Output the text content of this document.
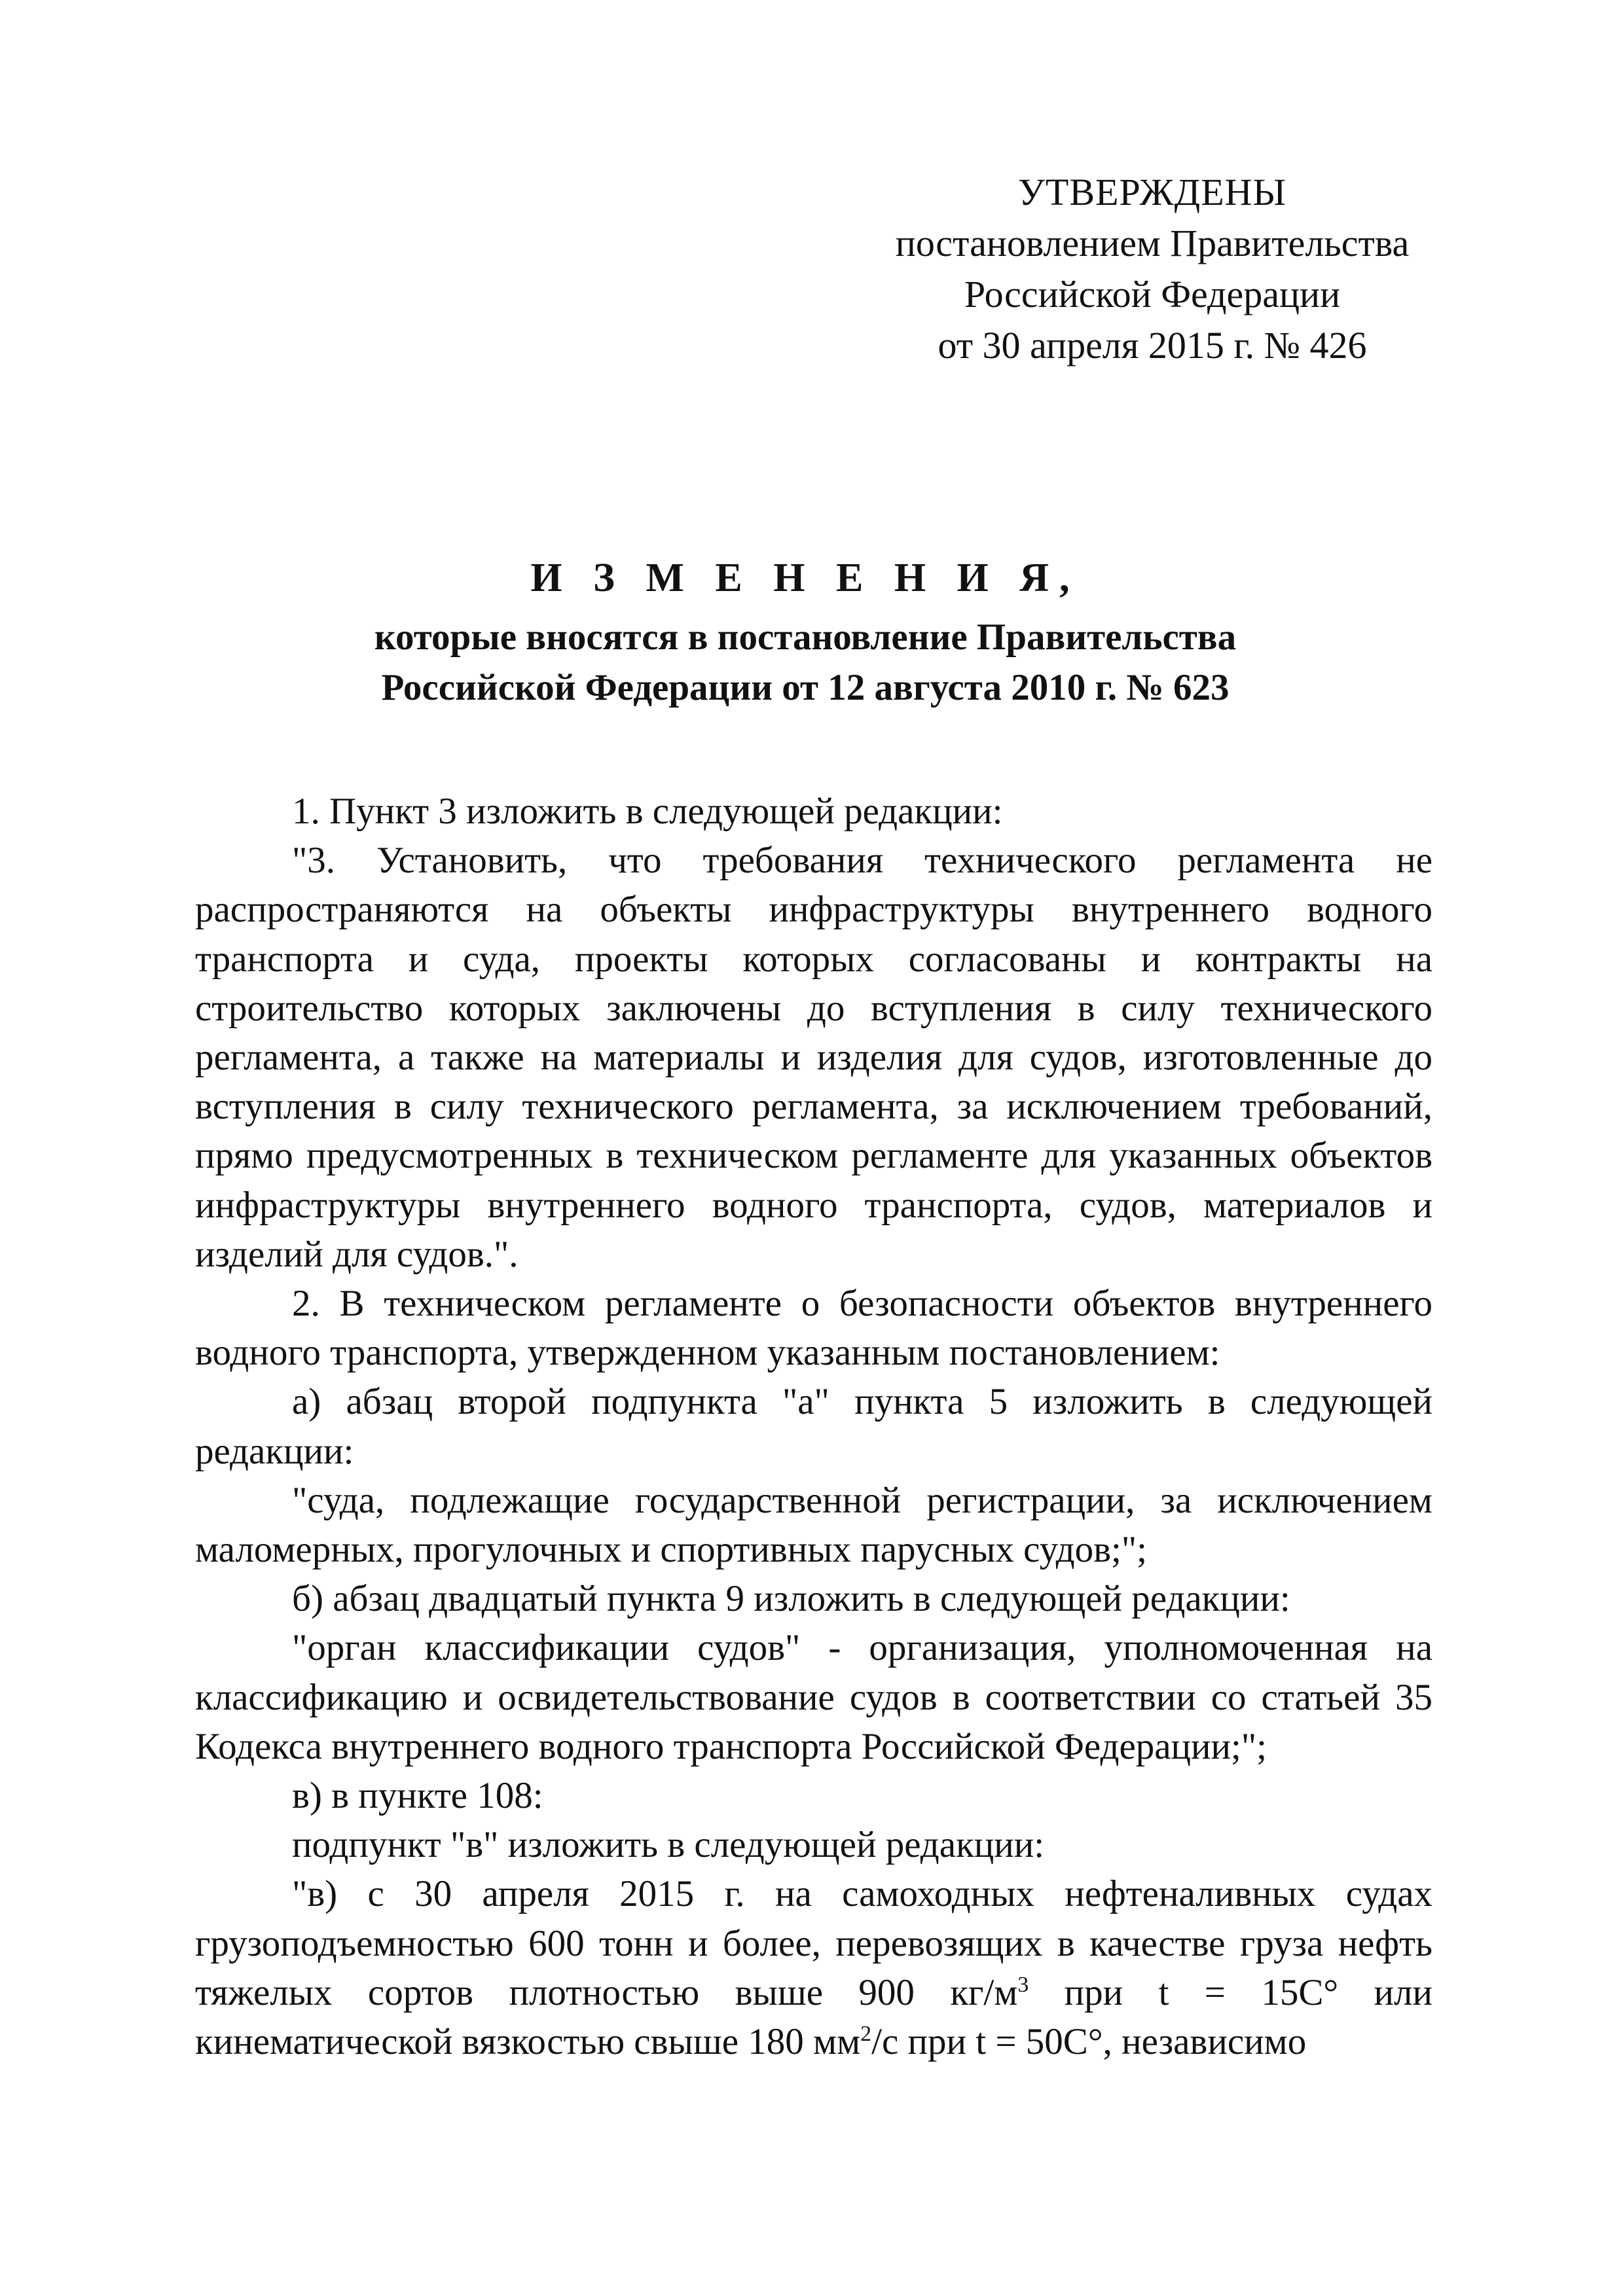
УТВЕРЖДЕНЫ
постановлением Правительства
Российской Федерации
от 30 апреля 2015 г. № 426
И З М Е Н Е Н И Я,
которые вносятся в постановление Правительства
Российской Федерации от 12 августа 2010 г. № 623

1. Пункт 3 изложить в следующей редакции:

"3. Установить, что требования технического регламента не распространяются на объекты инфраструктуры внутреннего водного транспорта и суда, проекты которых согласованы и контракты на строительство которых заключены до вступления в силу технического регламента, а также на материалы и изделия для судов, изготовленные до вступления в силу технического регламента, за исключением требований, прямо предусмотренных в техническом регламенте для указанных объектов инфраструктуры внутреннего водного транспорта, судов, материалов и изделий для судов.".

2. В техническом регламенте о безопасности объектов внутреннего водного транспорта, утвержденном указанным постановлением:

а) абзац второй подпункта "а" пункта 5 изложить в следующей редакции:

"суда, подлежащие государственной регистрации, за исключением маломерных, прогулочных и спортивных парусных судов;";

б) абзац двадцатый пункта 9 изложить в следующей редакции:

"орган классификации судов" - организация, уполномоченная на классификацию и освидетельствование судов в соответствии со статьей 35 Кодекса внутреннего водного транспорта Российской Федерации;";

в) в пункте 108:

подпункт "в" изложить в следующей редакции:

"в) с 30 апреля 2015 г. на самоходных нефтеналивных судах грузоподъемностью 600 тонн и более, перевозящих в качестве груза нефть тяжелых сортов плотностью выше 900 $кг/м^3$ при t = 15C° или кинематической вязкостью свыше 180 $мм^2/с$ при t = 50C°, независимо
